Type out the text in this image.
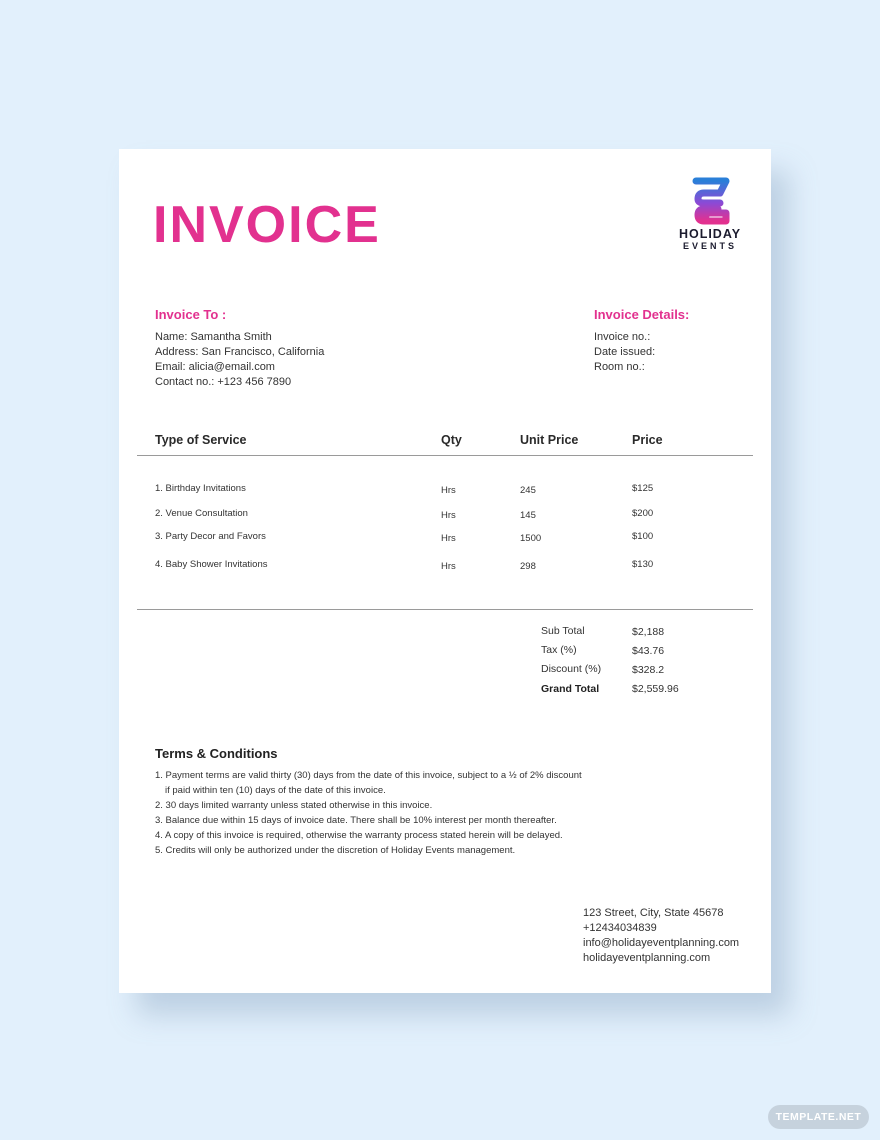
INVOICE	HOLIDAY
EVENTS
Invoice To :
Name: Samantha Smith
Address: San Francisco, California
Email: alicia@email.com
Contact no.: +123 456 7890
Invoice Details:
Invoice no.:
Date issued:
Room no.:
Type of Service	Qty	Unit Price	Price
1. Birthday Invitations	Hrs	245	$125
2. Venue Consultation	Hrs	145	$200
3. Party Decor and Favors	Hrs	1500	$100
4. Baby Shower Invitations	Hrs	298	$130
Sub Total	$2,188
Tax (%)	$43.76
Discount (%)	$328.2
Grand Total	$2,559.96
Terms & Conditions
1. Payment terms are valid thirty (30) days from the date of this invoice, subject to a ½ of 2% discount
if paid within ten (10) days of the date of this invoice.
2. 30 days limited warranty unless stated otherwise in this invoice.
3. Balance due within 15 days of invoice date. There shall be 10% interest per month thereafter.
4. A copy of this invoice is required, otherwise the warranty process stated herein will be delayed.
5. Credits will only be authorized under the discretion of Holiday Events management.
123 Street, City, State 45678
+12434034839
info@holidayeventplanning.com
holidayeventplanning.com
TEMPLATE.NET
